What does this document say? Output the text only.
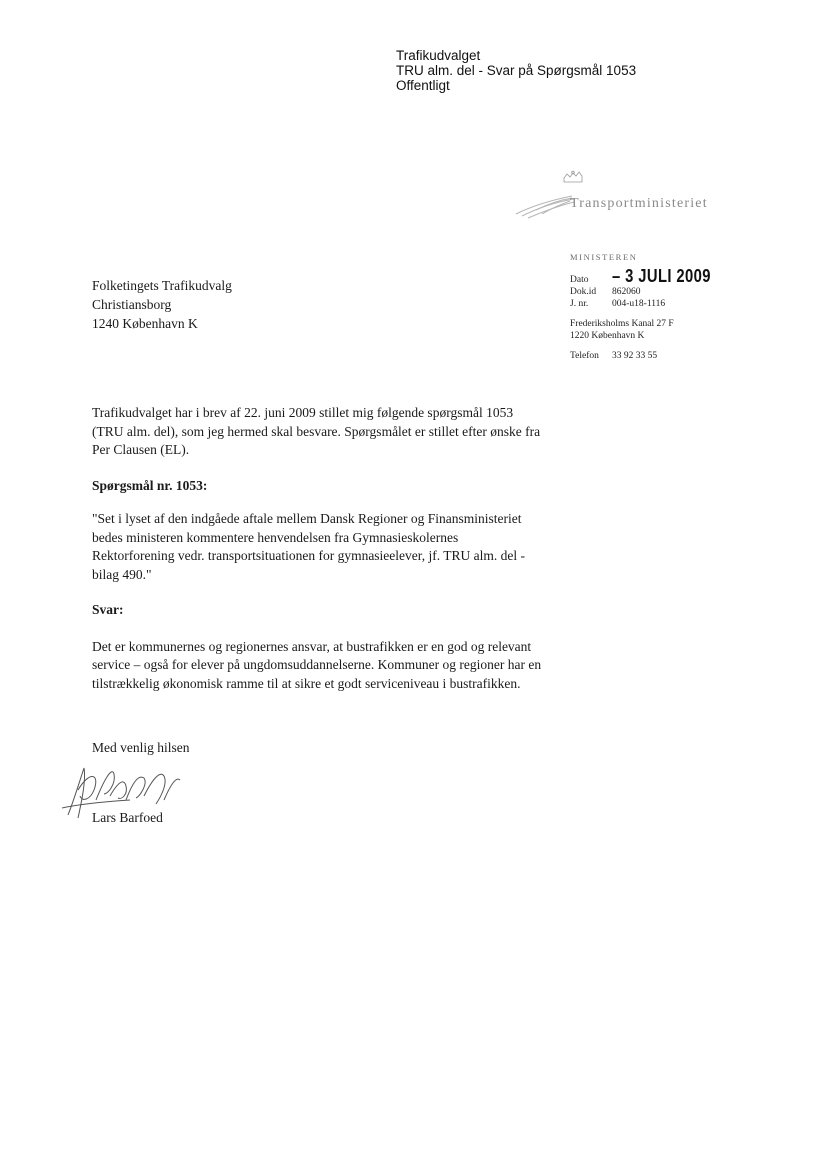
Trafikudvalget
TRU alm. del - Svar på Spørgsmål 1053
Offentligt
Transportministeriet
MINISTEREN
Folketingets Trafikudvalg
Christiansborg
1240 København K
Dato	– 3 JULI 2009
Dok.id	862060
J. nr.	004-u18-1116
Frederiksholms Kanal 27 F
1220 København K
Telefon	33 92 33 55

Trafikudvalget har i brev af 22. juni 2009 stillet mig følgende spørgsmål 1053 (TRU alm. del), som jeg hermed skal besvare. Spørgsmålet er stillet efter ønske fra Per Clausen (EL).

Spørgsmål nr. 1053:

"Set i lyset af den indgåede aftale mellem Dansk Regioner og Finansministeriet bedes ministeren kommentere henvendelsen fra Gymnasieskolernes Rektorforening vedr. transportsituationen for gymnasieelever, jf. TRU alm. del - bilag 490."

Svar:

Det er kommunernes og regionernes ansvar, at bustrafikken er en god og relevant service – også for elever på ungdomsuddannelserne. Kommuner og regioner har en tilstrækkelig økonomisk ramme til at sikre et godt serviceniveau i bustrafikken.

Med venlig hilsen
Lars Barfoed
